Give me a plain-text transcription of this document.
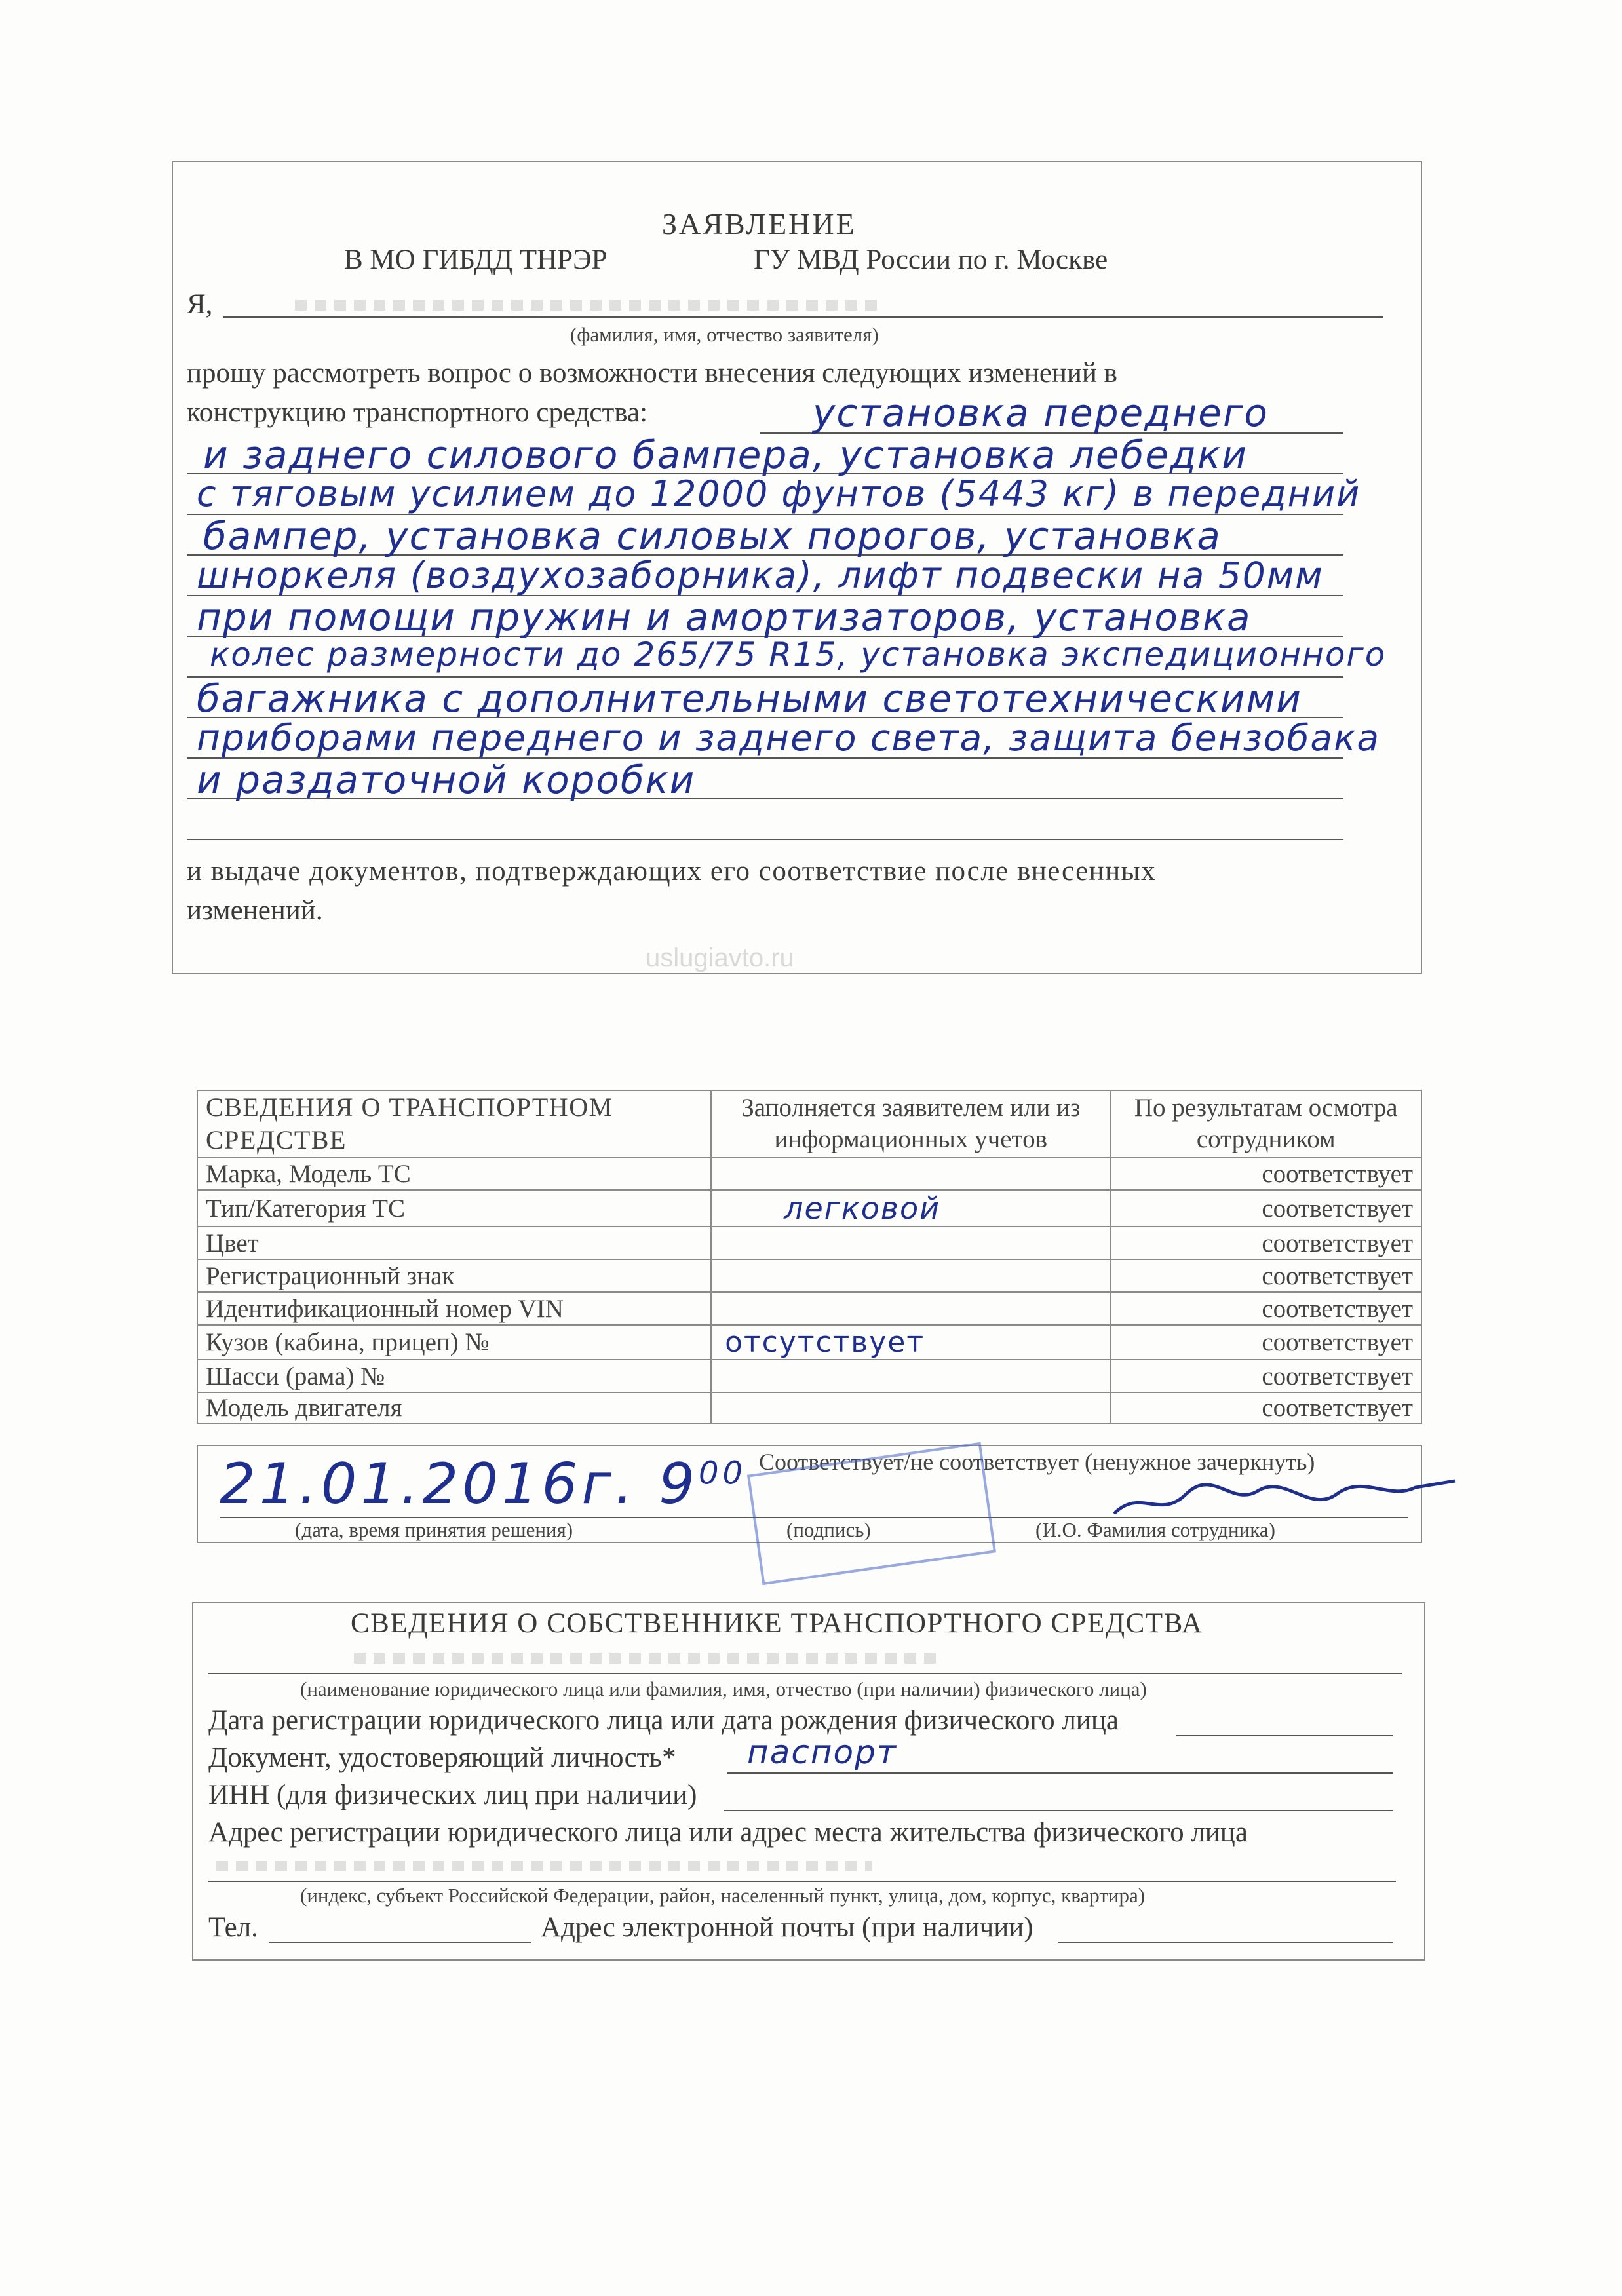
ЗАЯВЛЕНИЕ
В МО ГИБДД ТНРЭР	ГУ МВД России по г. Москве
Я,
(фамилия, имя, отчество заявителя)
прошу рассмотреть вопрос о возможности внесения следующих изменений в
конструкцию транспортного средства:	установка переднего
и заднего силового бампера, установка лебедки
с тяговым усилием до 12000 фунтов (5443 кг) в передний
бампер, установка силовых порогов, установка
шноркеля (воздухозаборника), лифт подвески на 50мм
при помощи пружин и амортизаторов, установка
колес размерности до 265/75 R15, установка экспедиционного
багажника с дополнительными светотехническими
приборами переднего и заднего света, защита бензобака
и раздаточной коробки
и выдаче документов, подтверждающих его соответствие после внесенных
изменений.
uslugiavto.ru
СВЕДЕНИЯ О ТРАНСПОРТНОМ СРЕДСТВЕ	Заполняется заявителем или из информационных учетов	По результатам осмотра сотрудником
Марка, Модель ТС		соответствует
Тип/Категория ТС	легковой	соответствует
Цвет		соответствует
Регистрационный знак		соответствует
Идентификационный номер VIN		соответствует
Кузов (кабина, прицеп) №	отсутствует	соответствует
Шасси (рама) №		соответствует
Модель двигателя		соответствует
21.01.2016г. $9^{00}$
(дата, время принятия решения)
Соответствует/не соответствует (ненужное зачеркнуть)
(подпись)	(И.О. Фамилия сотрудника)
СВЕДЕНИЯ О СОБСТВЕННИКЕ ТРАНСПОРТНОГО СРЕДСТВА
(наименование юридического лица или фамилия, имя, отчество (при наличии) физического лица)
Дата регистрации юридического лица или дата рождения физического лица
Документ, удостоверяющий личность* паспорт
ИНН (для физических лиц при наличии)
Адрес регистрации юридического лица или адрес места жительства физического лица
(индекс, субъект Российской Федерации, район, населенный пункт, улица, дом, корпус, квартира)
Тел.	Адрес электронной почты (при наличии)
